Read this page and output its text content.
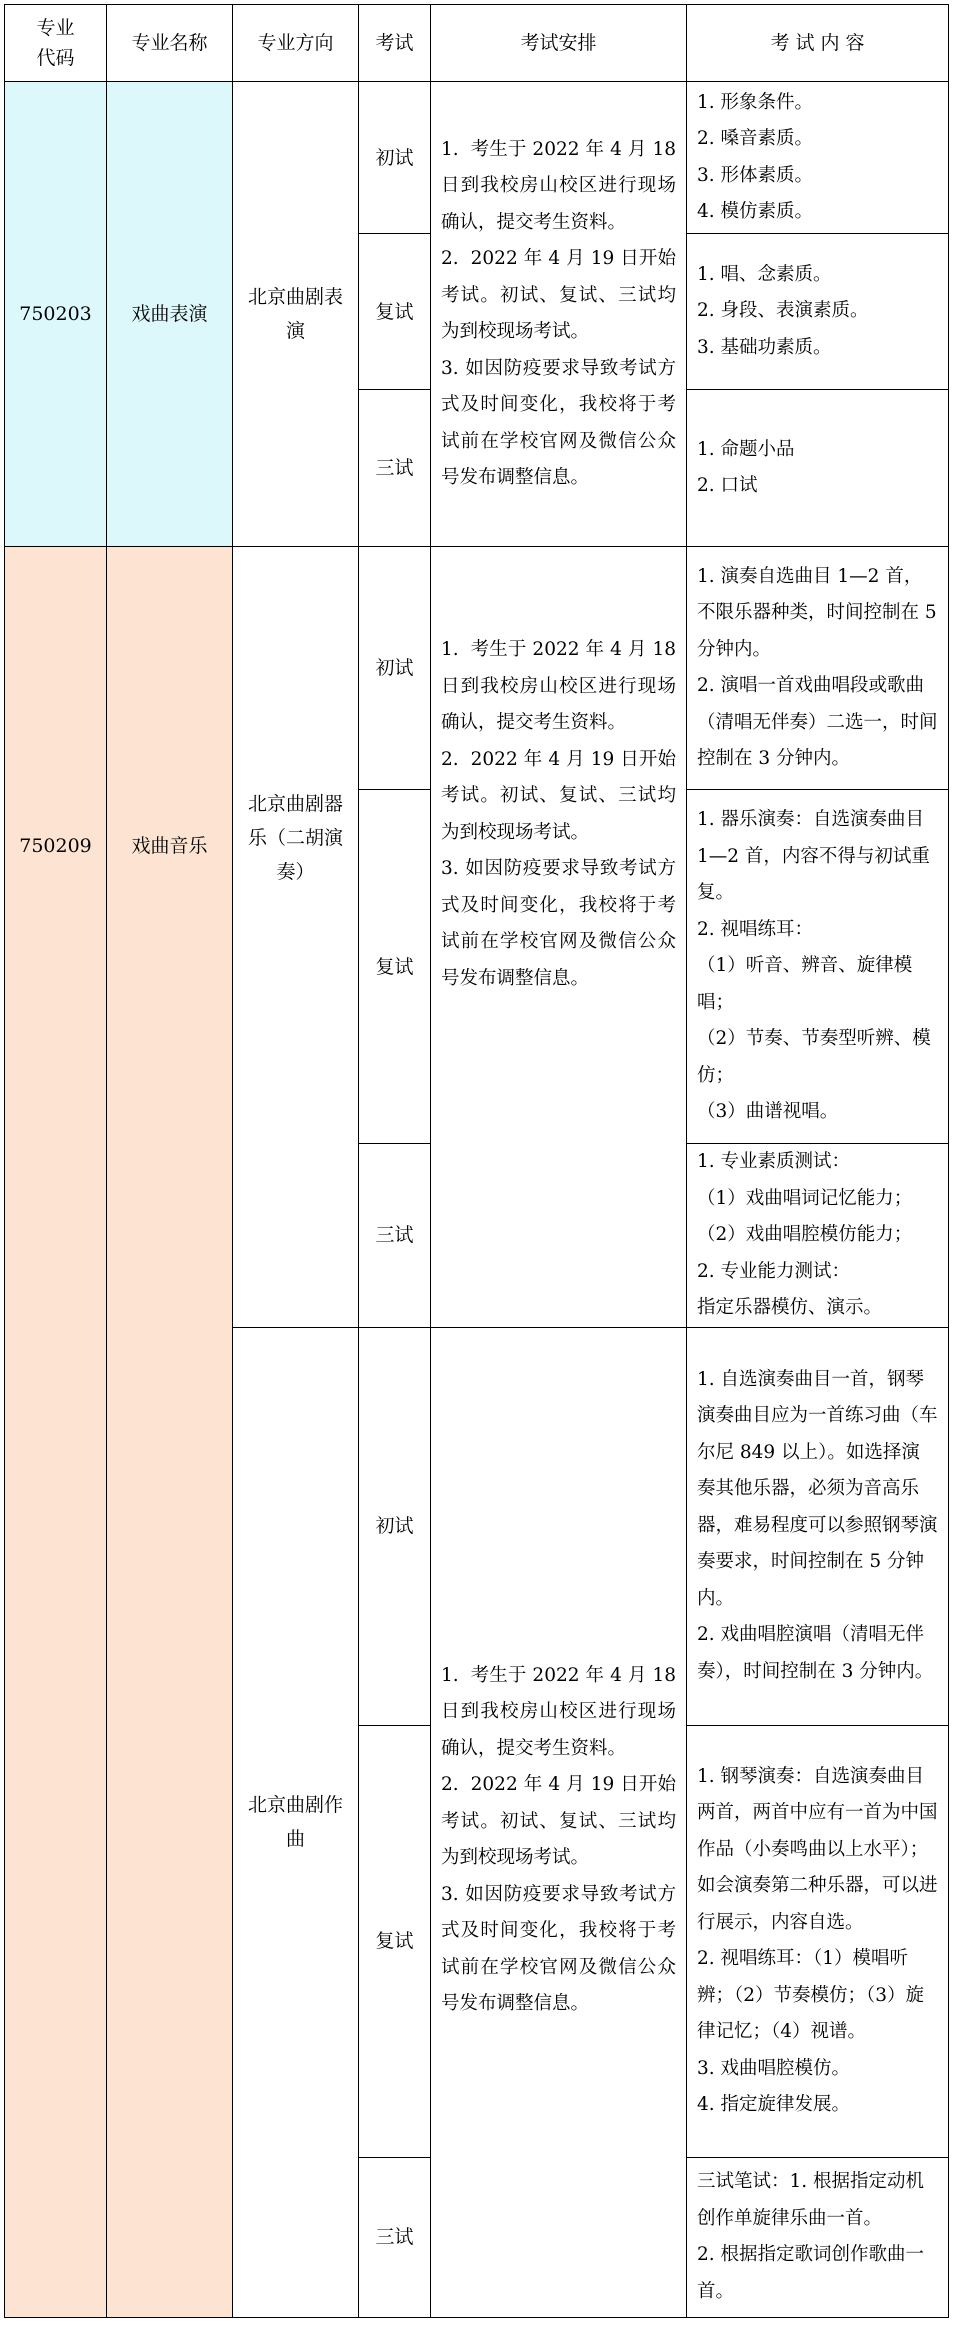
专业代码	专业名称	专业方向	考试	考试安排	考 试 内 容
750203	戏曲表演	北京曲剧表演	初试	1.  考生于 2022 年 4 月 18 日到我校房山校区进行现场确认，提交考生资料。
2.  2022 年 4 月 19 日开始考试。初试、复试、三试均为到校现场考试。
3. 如因防疫要求导致考试方式及时间变化，我校将于考试前在学校官网及微信公众号发布调整信息。	1. 形象条件。
2. 嗓音素质。
3. 形体素质。
4. 模仿素质。

			复试		1. 唱、念素质。
2. 身段、表演素质。
3. 基础功素质。

			三试		1. 命题小品
2. 口试

750209	戏曲音乐	北京曲剧器乐（二胡演奏）	初试	1.  考生于 2022 年 4 月 18 日到我校房山校区进行现场确认，提交考生资料。
2.  2022 年 4 月 19 日开始考试。初试、复试、三试均为到校现场考试。
3. 如因防疫要求导致考试方式及时间变化，我校将于考试前在学校官网及微信公众号发布调整信息。	1. 演奏自选曲目 1—2 首，不限乐器种类，时间控制在 5 分钟内。
2. 演唱一首戏曲唱段或歌曲（清唱无伴奏）二选一，时间控制在 3 分钟内。

			复试		1. 器乐演奏：自选演奏曲目 1—2 首，内容不得与初试重复。
2. 视唱练耳：
（1）听音、辨音、旋律模唱；
（2）节奏、节奏型听辨、模仿；
（3）曲谱视唱。

			三试		1. 专业素质测试：
（1）戏曲唱词记忆能力；
（2）戏曲唱腔模仿能力；
2. 专业能力测试：
指定乐器模仿、演示。

		北京曲剧作曲	初试	1.  考生于 2022 年 4 月 18 日到我校房山校区进行现场确认，提交考生资料。
2.  2022 年 4 月 19 日开始考试。初试、复试、三试均为到校现场考试。
3. 如因防疫要求导致考试方式及时间变化，我校将于考试前在学校官网及微信公众号发布调整信息。	1. 自选演奏曲目一首，钢琴演奏曲目应为一首练习曲（车尔尼 849 以上）。如选择演奏其他乐器，必须为音高乐器，难易程度可以参照钢琴演奏要求，时间控制在 5 分钟内。
2. 戏曲唱腔演唱（清唱无伴奏），时间控制在 3 分钟内。

			复试		1. 钢琴演奏：自选演奏曲目两首，两首中应有一首为中国作品（小奏鸣曲以上水平）；如会演奏第二种乐器，可以进行展示，内容自选。
2. 视唱练耳：（1）模唱听辨；（2）节奏模仿；（3）旋律记忆；（4）视谱。
3. 戏曲唱腔模仿。
4. 指定旋律发展。

			三试		三试笔试：1. 根据指定动机创作单旋律乐曲一首。
2. 根据指定歌词创作歌曲一首。
